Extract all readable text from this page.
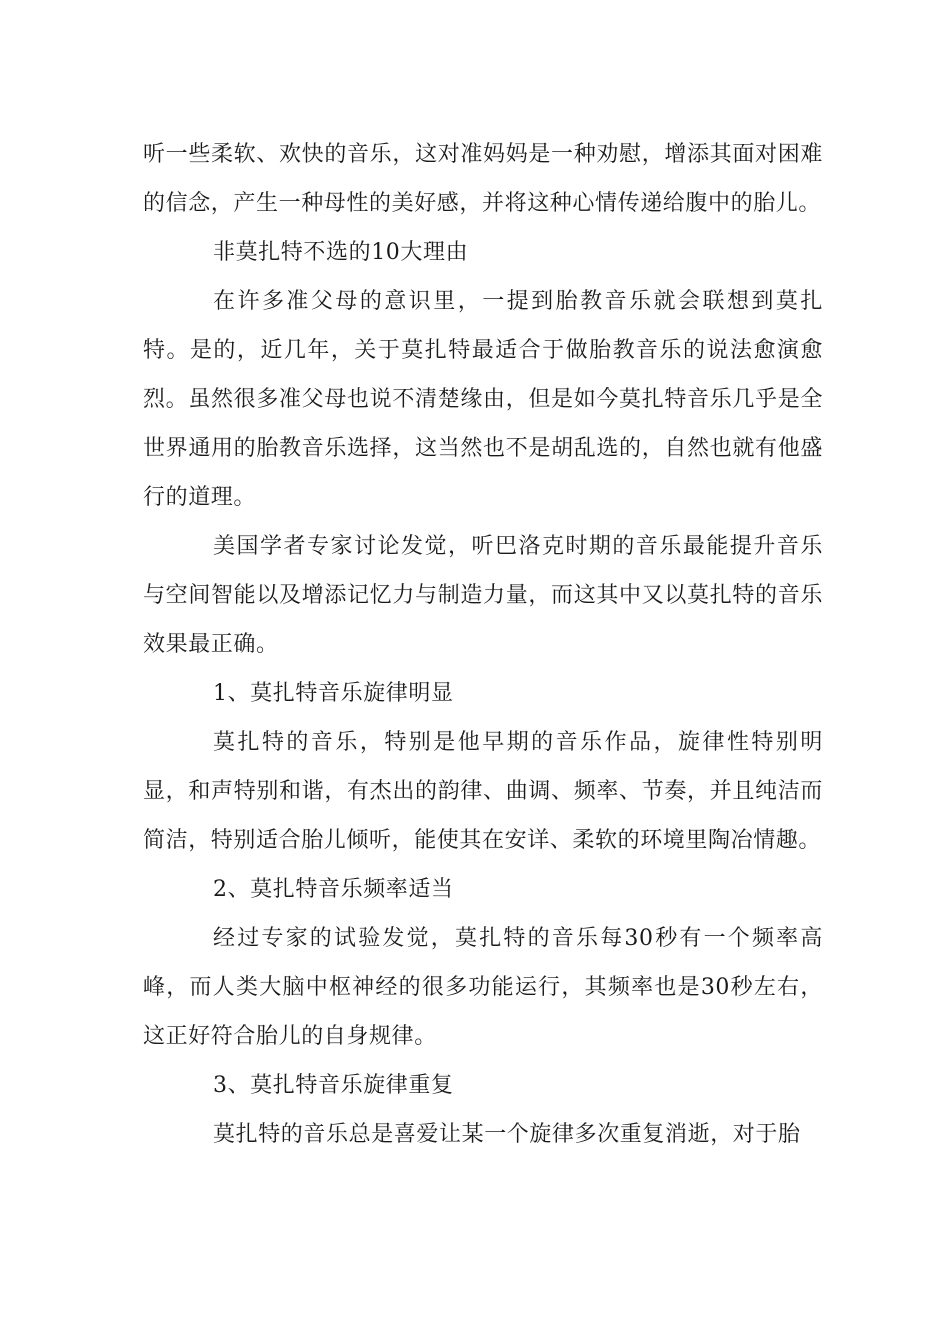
听一些柔软、欢快的音乐，这对准妈妈是一种劝慰，增添其面对困难的信念，产生一种母性的美好感，并将这种心情传递给腹中的胎儿。

非莫扎特不选的10大理由

在许多准父母的意识里，一提到胎教音乐就会联想到莫扎特。是的，近几年，关于莫扎特最适合于做胎教音乐的说法愈演愈烈。虽然很多准父母也说不清楚缘由，但是如今莫扎特音乐几乎是全世界通用的胎教音乐选择，这当然也不是胡乱选的，自然也就有他盛行的道理。

美国学者专家讨论发觉，听巴洛克时期的音乐最能提升音乐与空间智能以及增添记忆力与制造力量，而这其中又以莫扎特的音乐效果最正确。

1、莫扎特音乐旋律明显

莫扎特的音乐，特别是他早期的音乐作品，旋律性特别明显，和声特别和谐，有杰出的韵律、曲调、频率、节奏，并且纯洁而简洁，特别适合胎儿倾听，能使其在安详、柔软的环境里陶冶情趣。

2、莫扎特音乐频率适当

经过专家的试验发觉，莫扎特的音乐每30秒有一个频率高峰，而人类大脑中枢神经的很多功能运行，其频率也是30秒左右，这正好符合胎儿的自身规律。

3、莫扎特音乐旋律重复

莫扎特的音乐总是喜爱让某一个旋律多次重复消逝，对于胎
